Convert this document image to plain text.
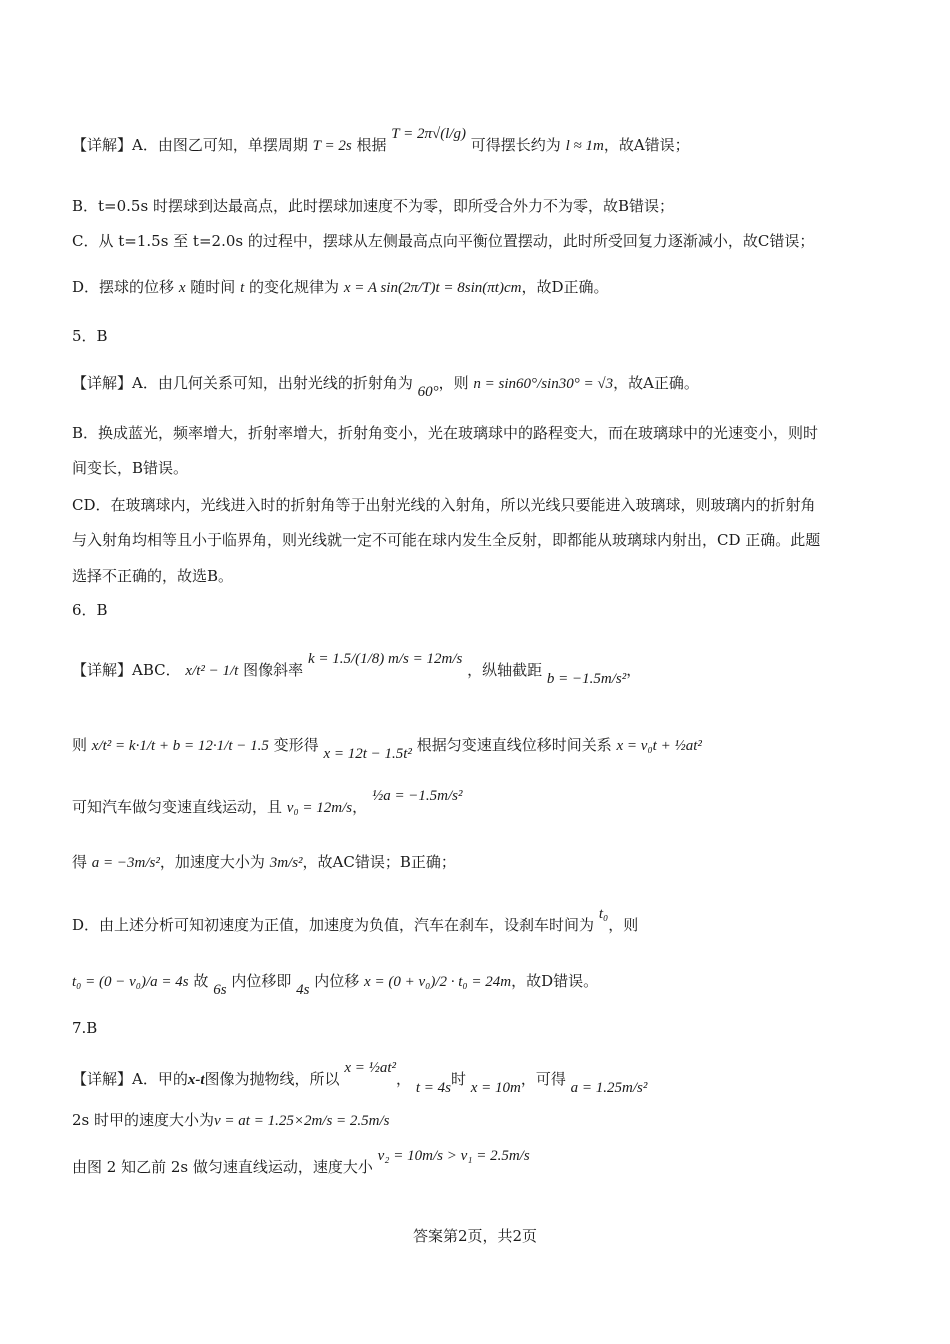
【详解】A．由图乙可知，单摆周期 T = 2s 根据 T = 2π√(l/g) 可得摆长约为 l ≈ 1m，故A错误；
B．t=0.5s 时摆球到达最高点，此时摆球加速度不为零，即所受合外力不为零，故B错误；
C．从 t=1.5s 至 t=2.0s 的过程中，摆球从左侧最高点向平衡位置摆动，此时所受回复力逐渐减小，故C错误；
D．摆球的位移 x 随时间 t 的变化规律为 x = A sin(2π/T)t = 8sin(πt)cm，故D正确。
5．B
【详解】A．由几何关系可知，出射光线的折射角为 60°，则 n = sin60°/sin30° = √3，故A正确。
B．换成蓝光，频率增大，折射率增大，折射角变小，光在玻璃球中的路程变大，而在玻璃球中的光速变小，则时
间变长，B错误。
CD．在玻璃球内，光线进入时的折射角等于出射光线的入射角，所以光线只要能进入玻璃球，则玻璃内的折射角
与入射角均相等且小于临界角，则光线就一定不可能在球内发生全反射，即都能从玻璃球内射出，CD 正确。此题
选择不正确的，故选B。
6．B
【详解】ABC． x/t² − 1/t 图像斜率 k = 1.5/(1/8) m/s = 12m/s ，纵轴截距 b = −1.5m/s²，
则 x/t² = k·1/t + b = 12·1/t − 1.5 变形得 x = 12t − 1.5t² 根据匀变速直线位移时间关系 x = v₀t + ½at²
可知汽车做匀变速直线运动，且 v₀ = 12m/s， ½a = −1.5m/s²
得 a = −3m/s²，加速度大小为 3m/s²，故AC错误；B正确；
D．由上述分析可知初速度为正值，加速度为负值，汽车在刹车，设刹车时间为 t₀，则
t₀ = (0 − v₀)/a = 4s 故 6s 内位移即 4s 内位移 x = (0 + v₀)/2 · t₀ = 24m，故D错误。
7.B
【详解】A．甲的x-t图像为抛物线，所以 x = ½at²， t = 4s时 x = 10m，可得 a = 1.25m/s²
2s 时甲的速度大小为v = at = 1.25×2m/s = 2.5m/s
由图 2 知乙前 2s 做匀速直线运动，速度大小 v₂ = 10m/s > v₁ = 2.5m/s
答案第2页，共2页
